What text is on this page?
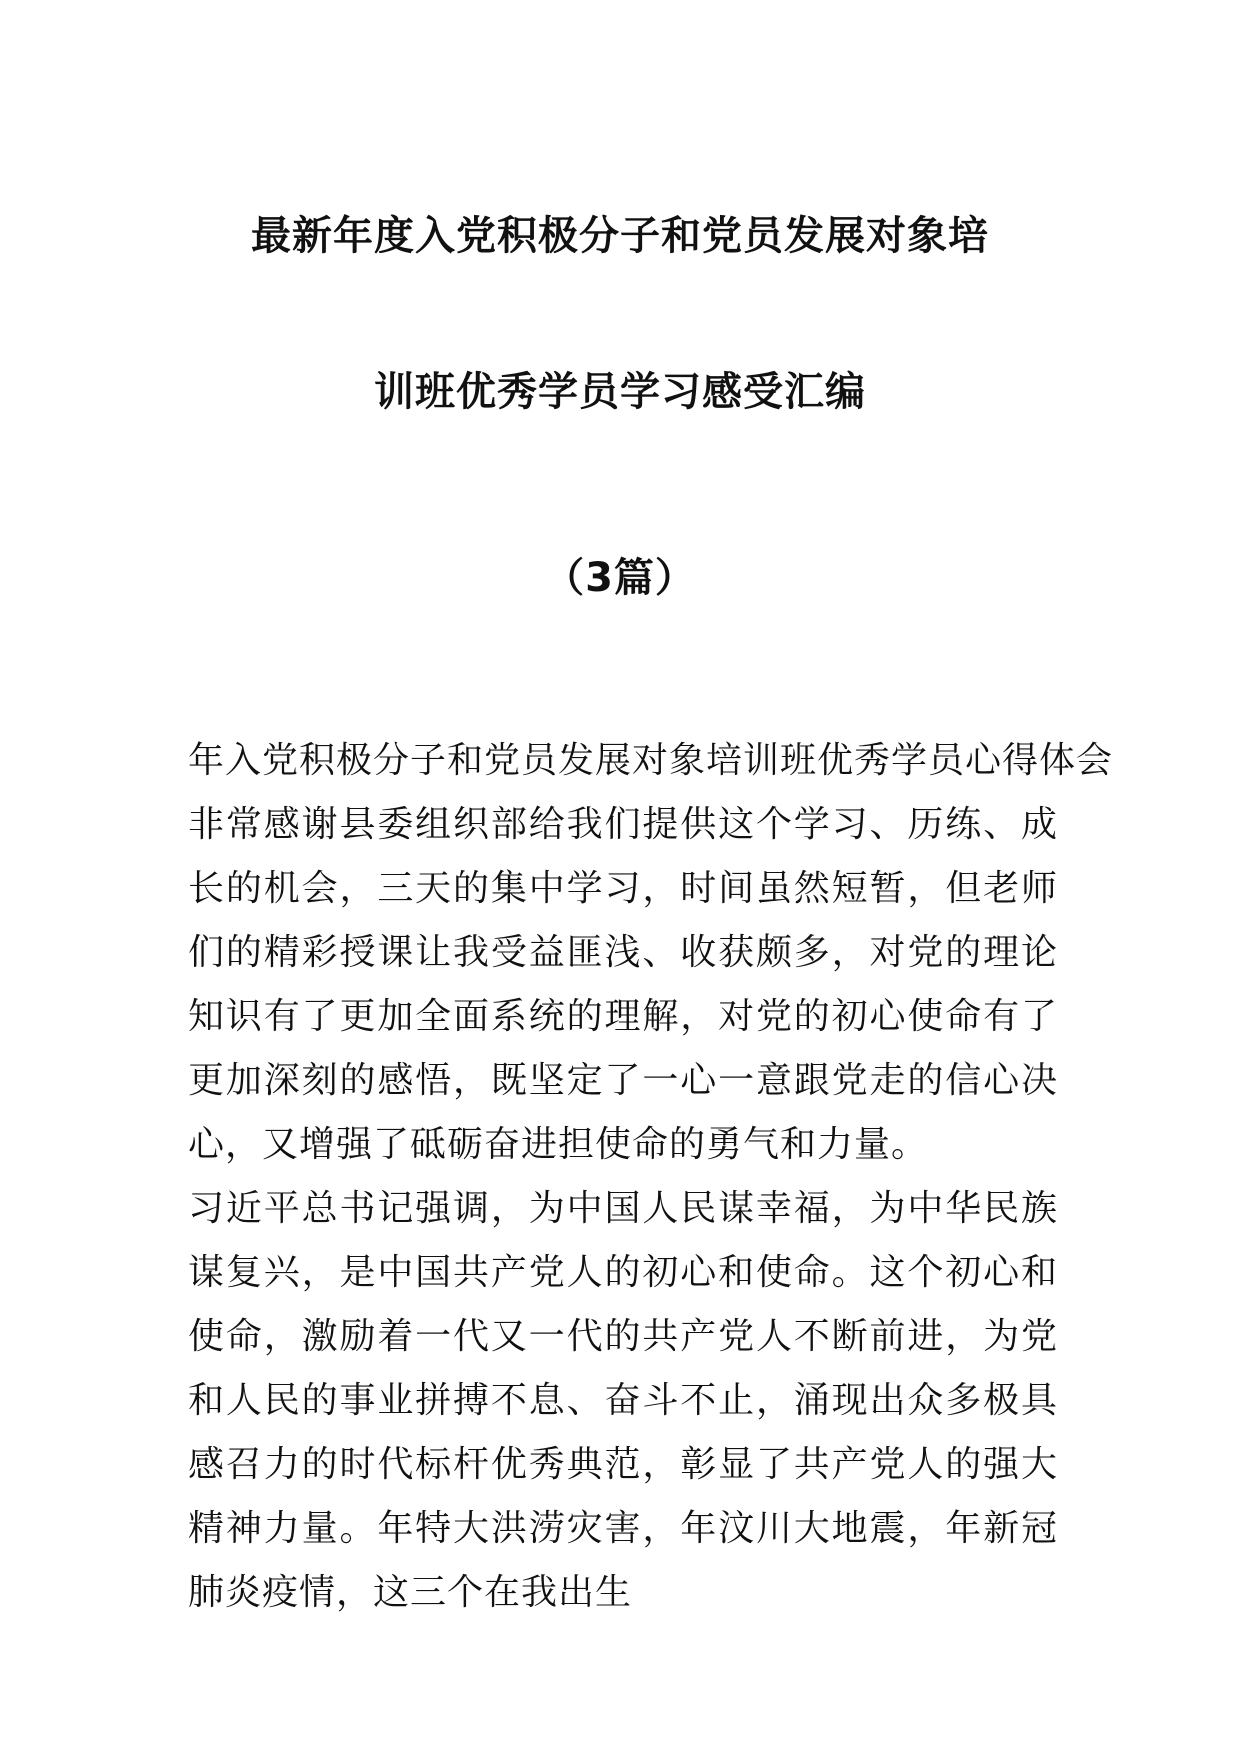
最新年度入党积极分子和党员发展对象培
训班优秀学员学习感受汇编
（3篇）
年入党积极分子和党员发展对象培训班优秀学员心得体会
非常感谢县委组织部给我们提供这个学习、历练、成长的机会，三天的集中学习，时间虽然短暂，但老师们的精彩授课让我受益匪浅、收获颇多，对党的理论知识有了更加全面系统的理解，对党的初心使命有了更加深刻的感悟，既坚定了一心一意跟党走的信心决心，又增强了砥砺奋进担使命的勇气和力量。
习近平总书记强调，为中国人民谋幸福，为中华民族谋复兴，是中国共产党人的初心和使命。这个初心和使命，激励着一代又一代的共产党人不断前进，为党和人民的事业拼搏不息、奋斗不止，涌现出众多极具感召力的时代标杆优秀典范，彰显了共产党人的强大精神力量。年特大洪涝灾害，年汶川大地震，年新冠肺炎疫情，这三个在我出生
